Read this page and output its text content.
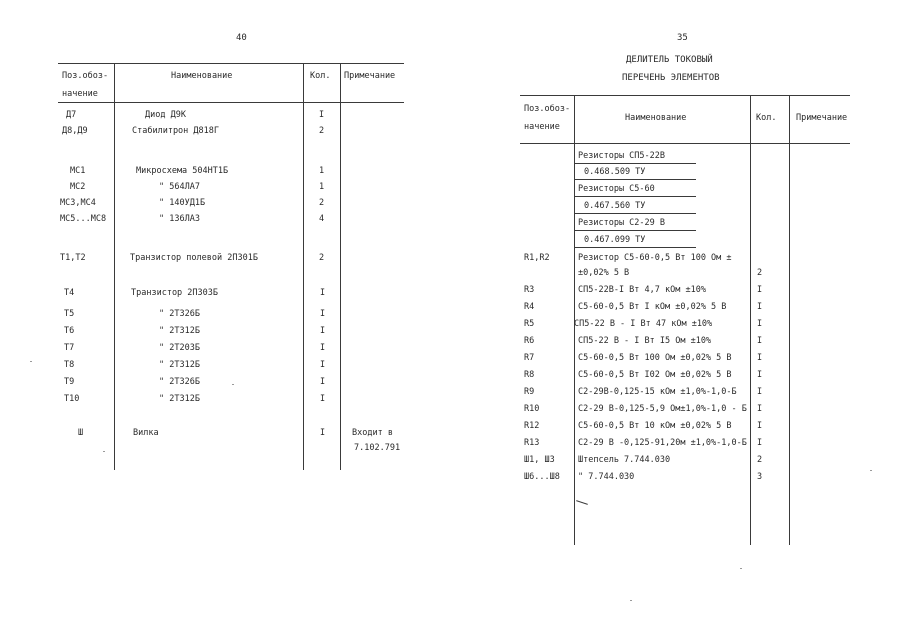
40
Поз.обоз-
начение
Наименование	Кол. Примечание
Д7	Диод Д9К	I
Д8,Д9	Стабилитрон Д818Г	2
МС1	Микросхема 504НТ1Б	1
МС2	" 564ЛА7	1
МС3,МС4	" 140УД1Б	2
МС5...МС8	" 136ЛА3	4
Т1,Т2	Транзистор полевой 2П301Б	2
Т4	Транзистор 2П303Б	I
Т5	" 2Т326Б	I
Т6	" 2Т312Б	I
Т7	" 2Т203Б	I
Т8	" 2Т312Б	I
Т9	" 2Т326Б	I
Т10	" 2Т312Б	I
Ш	Вилка	I	Входит в
7.102.791
35
ДЕЛИТЕЛЬ ТОКОВЫЙ
ПЕРЕЧЕНЬ ЭЛЕМЕНТОВ
Поз.обоз-
начение
Наименование	Кол. Примечание
Резисторы СП5-22В
0.468.509 ТУ
Резисторы С5-60
0.467.560 ТУ
Резисторы С2-29 В
0.467.099 ТУ
R1,R2	Резистор С5-60-0,5 Вт 100 Ом ±
±0,02% 5 В	2
R3	СП5-22В-I Вт 4,7 кОм ±10%	I
R4	С5-60-0,5 Вт I кОм ±0,02% 5 В	I
R5	СП5-22 В - I Вт 47 кОм ±10%	I
R6	СП5-22 В - I Вт I5 Ом ±10%	I
R7	С5-60-0,5 Вт 100 Ом ±0,02% 5 В	I
R8	С5-60-0,5 Вт I02 Ом ±0,02% 5 В	I
R9	С2-29В-0,125-15 кОм ±1,0%-1,0-Б I
R10	С2-29 В-0,125-5,9 Ом±1,0%-1,0 - Б I
R12	С5-60-0,5 Вт 10 кОм ±0,02% 5 В	I
R13	С2-29 В -0,125-91,20м ±1,0%-1,0-Б I
Ш1, Ш3	Штепсель 7.744.030	2
Ш6...Ш8 " 7.744.030	3
